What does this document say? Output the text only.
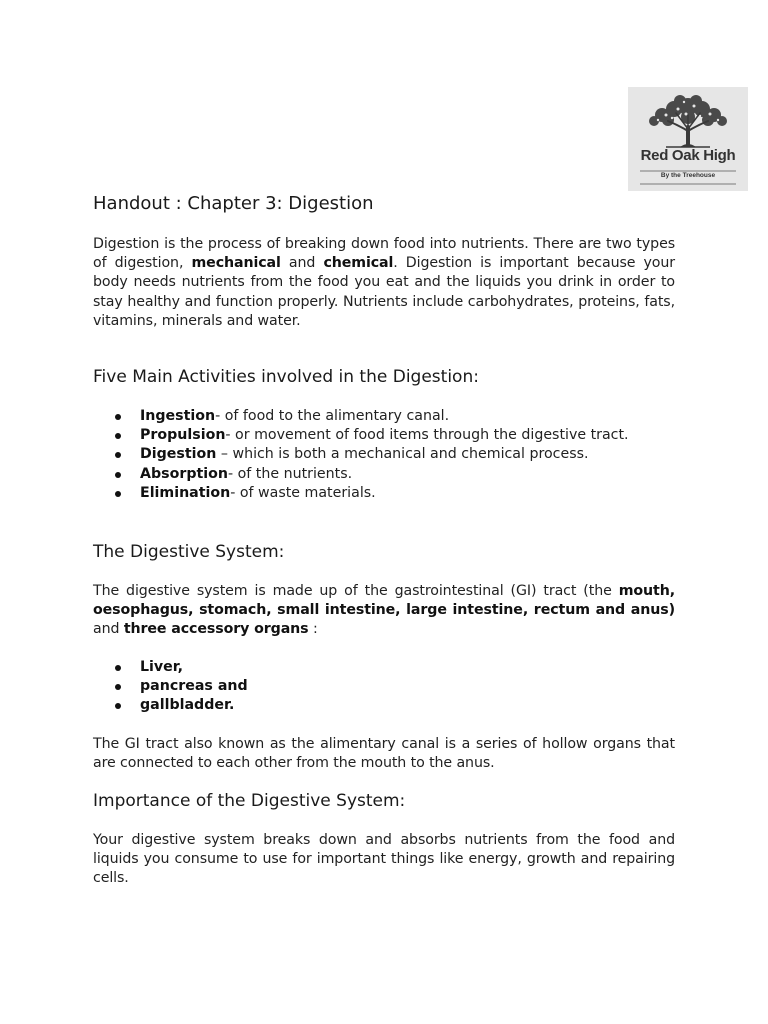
Red Oak High
By the Treehouse
Handout : Chapter 3: Digestion

Digestion is the process of breaking down food into nutrients. There are two types of digestion, mechanical and chemical. Digestion is important because your body needs nutrients from the food you eat and the liquids you drink in order to stay healthy and function properly. Nutrients include carbohydrates, proteins, fats, vitamins, minerals and water.

Five Main Activities involved in the Digestion:
Ingestion- of food to the alimentary canal.
Propulsion- or movement of food items through the digestive tract.
Digestion – which is both a mechanical and chemical process.
Absorption- of the nutrients.
Elimination- of waste materials.
The Digestive System:

The digestive system is made up of the gastrointestinal (GI) tract (the mouth, oesophagus, stomach, small intestine, large intestine, rectum and anus) and three accessory organs :

Liver,
pancreas and
gallbladder.

The GI tract also known as the alimentary canal is a series of hollow organs that are connected to each other from the mouth to the anus.

Importance of the Digestive System:

Your digestive system breaks down and absorbs nutrients from the food and liquids you consume to use for important things like energy, growth and repairing cells.
